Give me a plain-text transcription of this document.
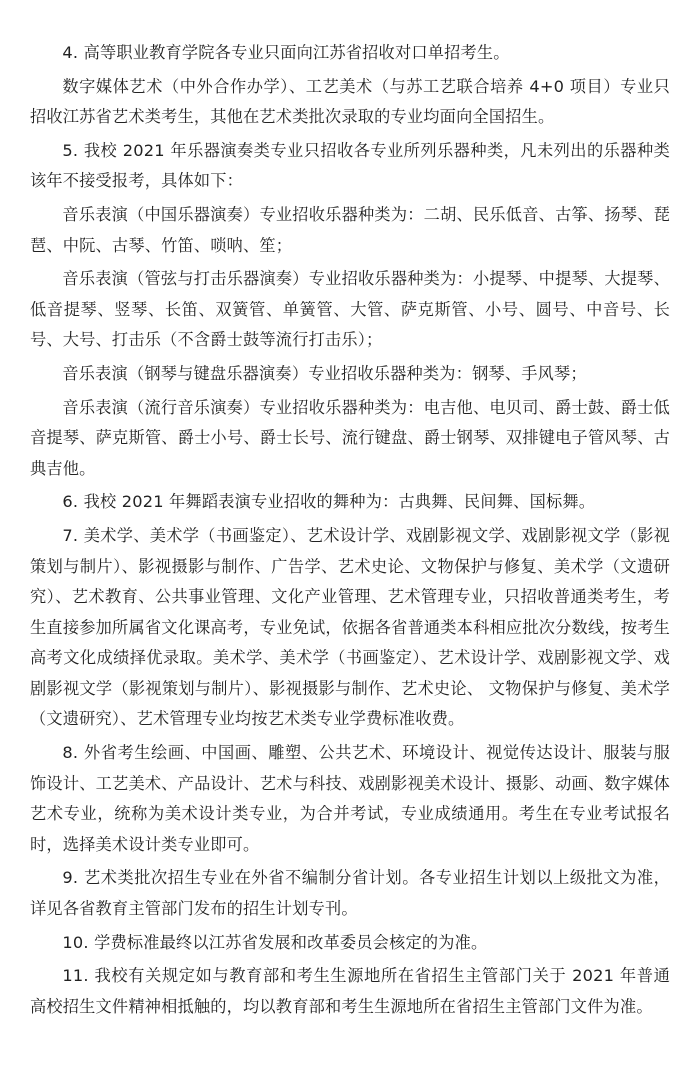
4. 高等职业教育学院各专业只面向江苏省招收对口单招考生。

数字媒体艺术（中外合作办学）、工艺美术（与苏工艺联合培养 4+0 项目）专业只招收江苏省艺术类考生，其他在艺术类批次录取的专业均面向全国招生。

5. 我校 2021 年乐器演奏类专业只招收各专业所列乐器种类，凡未列出的乐器种类该年不接受报考，具体如下：

音乐表演（中国乐器演奏）专业招收乐器种类为：二胡、民乐低音、古筝、扬琴、琵琶、中阮、古琴、竹笛、唢呐、笙；

音乐表演（管弦与打击乐器演奏）专业招收乐器种类为：小提琴、中提琴、大提琴、低音提琴、竖琴、长笛、双簧管、单簧管、大管、萨克斯管、小号、圆号、中音号、长号、大号、打击乐（不含爵士鼓等流行打击乐）；

音乐表演（钢琴与键盘乐器演奏）专业招收乐器种类为：钢琴、手风琴；

音乐表演（流行音乐演奏）专业招收乐器种类为：电吉他、电贝司、爵士鼓、爵士低音提琴、萨克斯管、爵士小号、爵士长号、流行键盘、爵士钢琴、双排键电子管风琴、古典吉他。

6. 我校 2021 年舞蹈表演专业招收的舞种为：古典舞、民间舞、国标舞。

7. 美术学、美术学（书画鉴定）、艺术设计学、戏剧影视文学、戏剧影视文学（影视策划与制片）、影视摄影与制作、广告学、艺术史论、文物保护与修复、美术学（文遗研究）、艺术教育、公共事业管理、文化产业管理、艺术管理专业，只招收普通类考生，考生直接参加所属省文化课高考，专业免试，依据各省普通类本科相应批次分数线，按考生高考文化成绩择优录取。美术学、美术学（书画鉴定）、艺术设计学、戏剧影视文学、戏剧影视文学（影视策划与制片）、影视摄影与制作、艺术史论、 文物保护与修复、美术学（文遗研究）、艺术管理专业均按艺术类专业学费标准收费。

8. 外省考生绘画、中国画、雕塑、公共艺术、环境设计、视觉传达设计、服装与服饰设计、工艺美术、产品设计、艺术与科技、戏剧影视美术设计、摄影、动画、数字媒体艺术专业，统称为美术设计类专业，为合并考试，专业成绩通用。考生在专业考试报名时，选择美术设计类专业即可。

9. 艺术类批次招生专业在外省不编制分省计划。各专业招生计划以上级批文为准，详见各省教育主管部门发布的招生计划专刊。

10. 学费标准最终以江苏省发展和改革委员会核定的为准。

11. 我校有关规定如与教育部和考生生源地所在省招生主管部门关于 2021 年普通高校招生文件精神相抵触的，均以教育部和考生生源地所在省招生主管部门文件为准。
